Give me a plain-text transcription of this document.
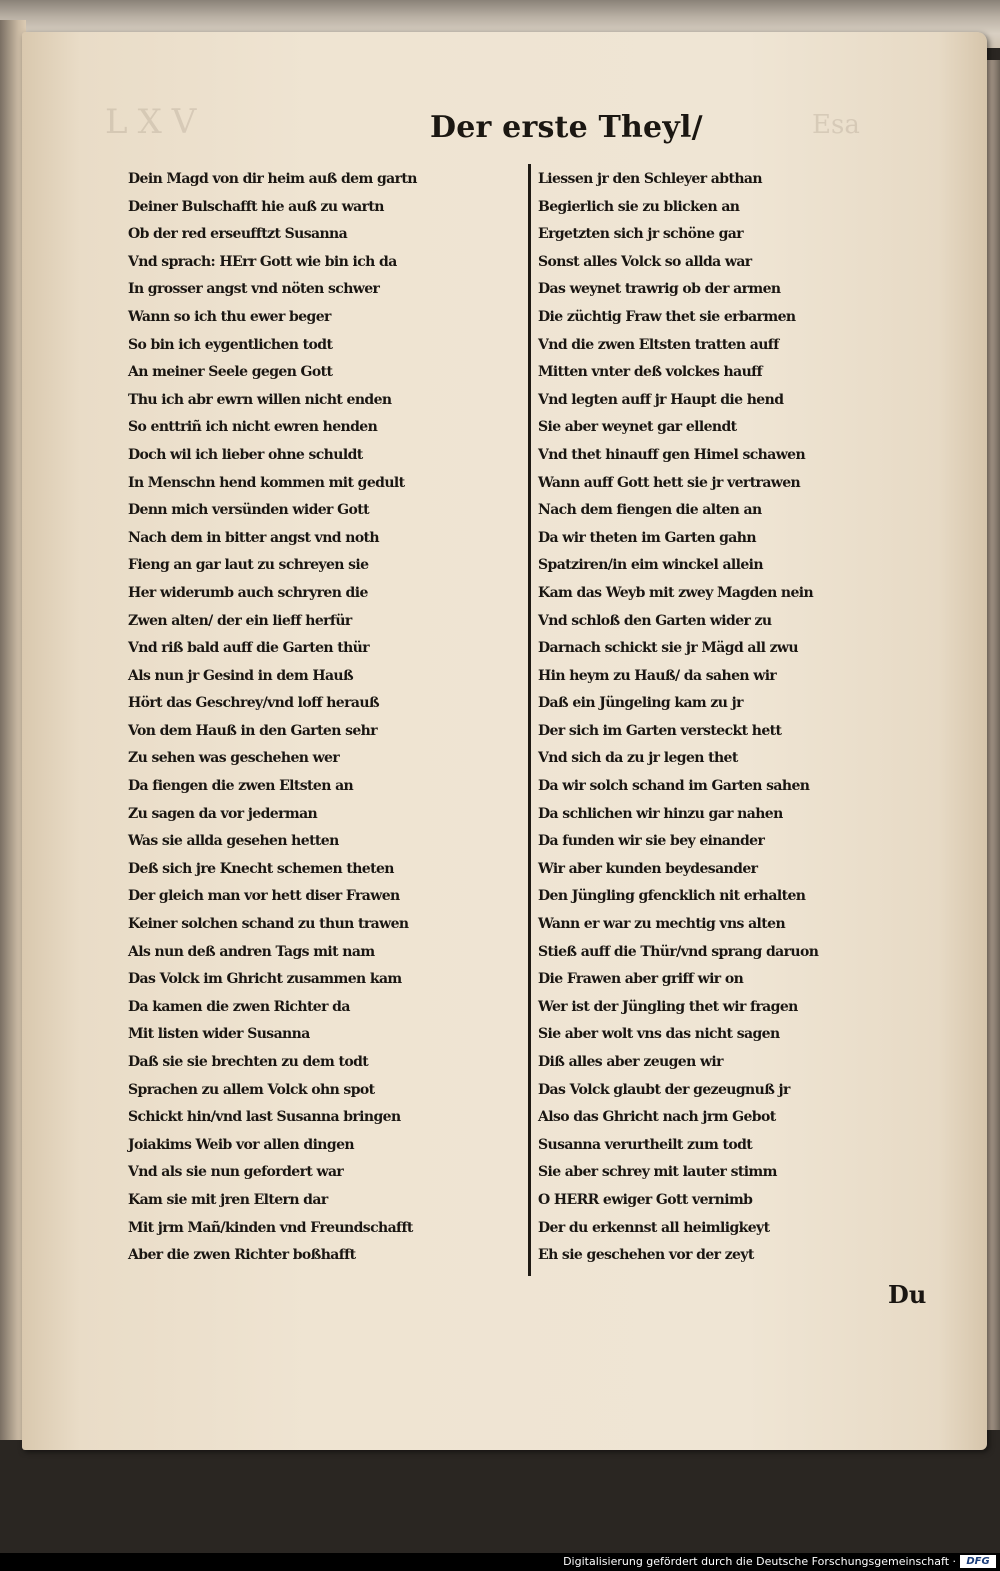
LXV	Esa
Der erste Theyl/
Dein Magd von dir heim auß dem gartn
Deiner Bulschafft hie auß zu wartn
Ob der red erseufftzt Susanna
Vnd sprach: HErr Gott wie bin ich da
In grosser angst vnd nöten schwer
Wann so ich thu ewer beger
So bin ich eygentlichen todt
An meiner Seele gegen Gott
Thu ich abr ewrn willen nicht enden
So enttriñ ich nicht ewren henden
Doch wil ich lieber ohne schuldt
In Menschn hend kommen mit gedult
Denn mich versünden wider Gott
Nach dem in bitter angst vnd noth
Fieng an gar laut zu schreyen sie
Her widerumb auch schryren die
Zwen alten/ der ein lieff herfür
Vnd riß bald auff die Garten thür
Als nun jr Gesind in dem Hauß
Hört das Geschrey/vnd loff herauß
Von dem Hauß in den Garten sehr
Zu sehen was geschehen wer
Da fiengen die zwen Eltsten an
Zu sagen da vor jederman
Was sie allda gesehen hetten
Deß sich jre Knecht schemen theten
Der gleich man vor hett diser Frawen
Keiner solchen schand zu thun trawen
Als nun deß andren Tags mit nam
Das Volck im Ghricht zusammen kam
Da kamen die zwen Richter da
Mit listen wider Susanna
Daß sie sie brechten zu dem todt
Sprachen zu allem Volck ohn spot
Schickt hin/vnd last Susanna bringen
Joiakims Weib vor allen dingen
Vnd als sie nun gefordert war
Kam sie mit jren Eltern dar
Mit jrm Mañ/kinden vnd Freundschafft
Aber die zwen Richter boßhafft
Liessen jr den Schleyer abthan
Begierlich sie zu blicken an
Ergetzten sich jr schöne gar
Sonst alles Volck so allda war
Das weynet trawrig ob der armen
Die züchtig Fraw thet sie erbarmen
Vnd die zwen Eltsten tratten auff
Mitten vnter deß volckes hauff
Vnd legten auff jr Haupt die hend
Sie aber weynet gar ellendt
Vnd thet hinauff gen Himel schawen
Wann auff Gott hett sie jr vertrawen
Nach dem fiengen die alten an
Da wir theten im Garten gahn
Spatziren/in eim winckel allein
Kam das Weyb mit zwey Magden nein
Vnd schloß den Garten wider zu
Darnach schickt sie jr Mägd all zwu
Hin heym zu Hauß/ da sahen wir
Daß ein Jüngeling kam zu jr
Der sich im Garten versteckt hett
Vnd sich da zu jr legen thet
Da wir solch schand im Garten sahen
Da schlichen wir hinzu gar nahen
Da funden wir sie bey einander
Wir aber kunden beydesander
Den Jüngling gfencklich nit erhalten
Wann er war zu mechtig vns alten
Stieß auff die Thür/vnd sprang daruon
Die Frawen aber griff wir on
Wer ist der Jüngling thet wir fragen
Sie aber wolt vns das nicht sagen
Diß alles aber zeugen wir
Das Volck glaubt der gezeugnuß jr
Also das Ghricht nach jrm Gebot
Susanna verurtheilt zum todt
Sie aber schrey mit lauter stimm
O HERR ewiger Gott vernimb
Der du erkennst all heimligkeyt
Eh sie geschehen vor der zeyt
Du
Digitalisierung gefördert durch die Deutsche Forschungsgemeinschaft ·	DFG
